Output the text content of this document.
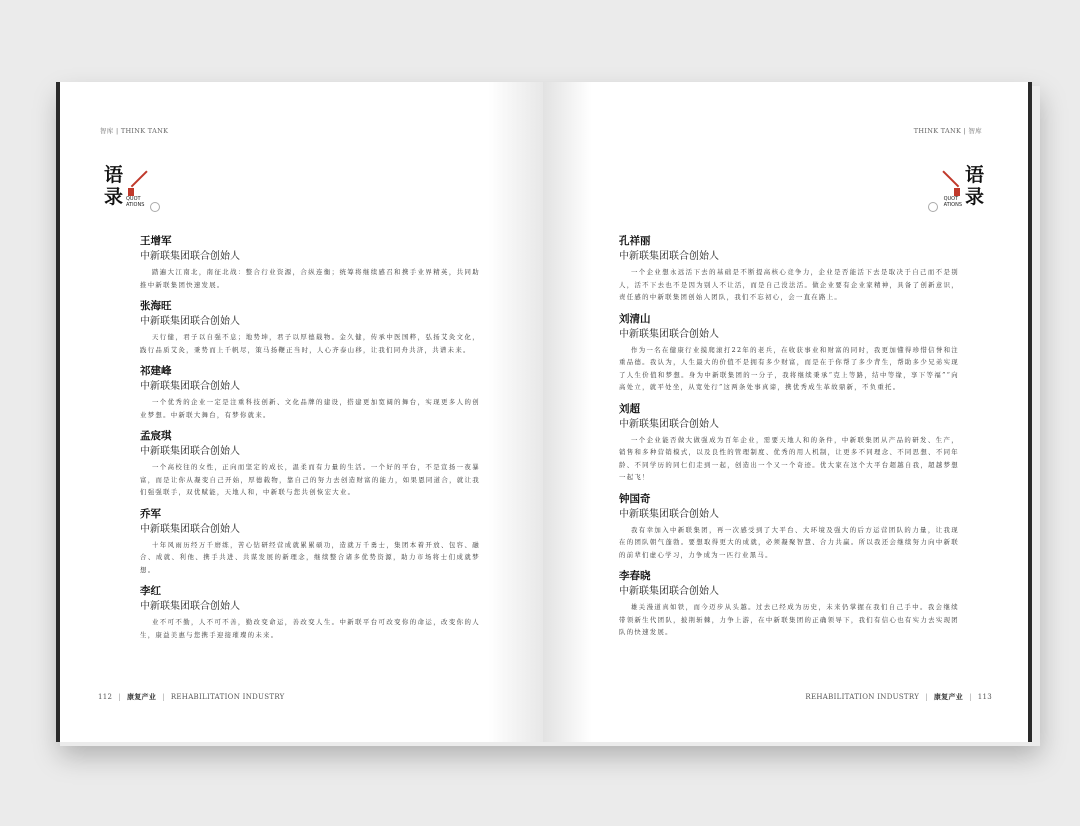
智库 | THINK TANK
语
录 QUOT
ATIONS
王增军
中新联集团联合创始人
踏遍大江南北，南征北战：整合行业资源，合纵连衡；统筹将继续感召和携手业界精英，共同助推中新联集团快速发展。
张海旺
中新联集团联合创始人
天行健，君子以自强不息；地势坤，君子以厚德载物。金久健，传承中医国粹，弘扬艾灸文化，践行品质艾灸，秉势而上千帆尽，策马扬鞭正当时，人心齐泰山移，让我们同舟共济，共谱未来。
祁建峰
中新联集团联合创始人
一个优秀的企业一定是注重科技创新、文化品牌的建设，搭建更加宽阔的舞台，实现更多人的创业梦想。中新联大舞台，有梦你就来。
孟宸琪
中新联集团联合创始人
一个高校往的女性，正向而坚定的成长，温柔而有力量的生活。一个好的平台，不是宣扬一夜暴富，而是让你从凝变自己开始，厚德载物，靠自己的努力去创造财富的能力，如果恩同道合，就让我们强强联手，双优赋能，天地人和，中新联与您共创恢宏大业。
乔军
中新联集团联合创始人
十年风雨历经万千磨练，苦心钻研经营成就累累硕功，造就万千勇士，集团本着开放、包容、融合、成就、利他、携手共进、共谋发展的新理念，继续整合诸多优势资源，助力市场将士们成就梦想。
李红
中新联集团联合创始人
业不可不勤，人不可不善，勤改变命运，善改变人生。中新联平台可改变你的命运，改变你的人生，康益美惠与您携手迎接璀璨的未来。
112 | 康复产业 | REHABILITATION INDUSTRY
THINK TANK | 智库
语
录
QUOT
ATIONS
孔祥丽
中新联集团联合创始人
一个企业想永远活下去的基础是不断提高核心竞争力，企业是否能活下去是取决于自己而不是别人，活不下去也不是因为别人不让活，而是自己没法活。做企业要有企业家精神，具备了创新意识，责任感的中新联集团创始人团队，我们不忘初心，会一直在路上。
刘清山
中新联集团联合创始人
作为一名在健康行业摸爬滚打22年的老兵，在收获事业和财富的同时，我更加懂得珍惜信誉和注重品德。我认为，人生最大的价值不是拥有多少财富，而是在于你帮了多少背生，帮助多少兄弟实现了人生价值和梦想。身为中新联集团的一分子，我将继续秉承“克上等路，结中等缘，享下等福”“向高处立，就平处坐，从宽处行”这两条处事真谛，携优秀成生革故鼎新，不负重托。
刘超
中新联集团联合创始人
一个企业能否做大做强成为百年企业，需要天地人和的条件，中新联集团从产品的研发、生产，销售和多种营销模式，以及良性的管理制度、优秀的用人机制，让更多不同理念、不同思想、不同年龄、不同学历的同仁们走到一起，创造出一个又一个奇迹。优大家在这个大平台超越自我，超越梦想一起飞！
钟国奇
中新联集团联合创始人
我有幸加入中新联集团，再一次感受到了大平台、大环境及强大的后方运营团队的力量，让我现在的团队朝气蓬勃。要想取得更大的成就，必须凝聚智慧、合力共赢。所以我还会继续努力向中新联的前辈们虚心学习，力争成为一匹行业黑马。
李春晓
中新联集团联合创始人
雄关漫道真如铁，而今迈步从头越。过去已经成为历史，未来仍掌握在我们自己手中。我会继续带领新生代团队，披荆斩棘，力争上游，在中新联集团的正确领导下，我们有信心也有实力去实现团队的快速发展。
REHABILITATION INDUSTRY | 康复产业 | 113
